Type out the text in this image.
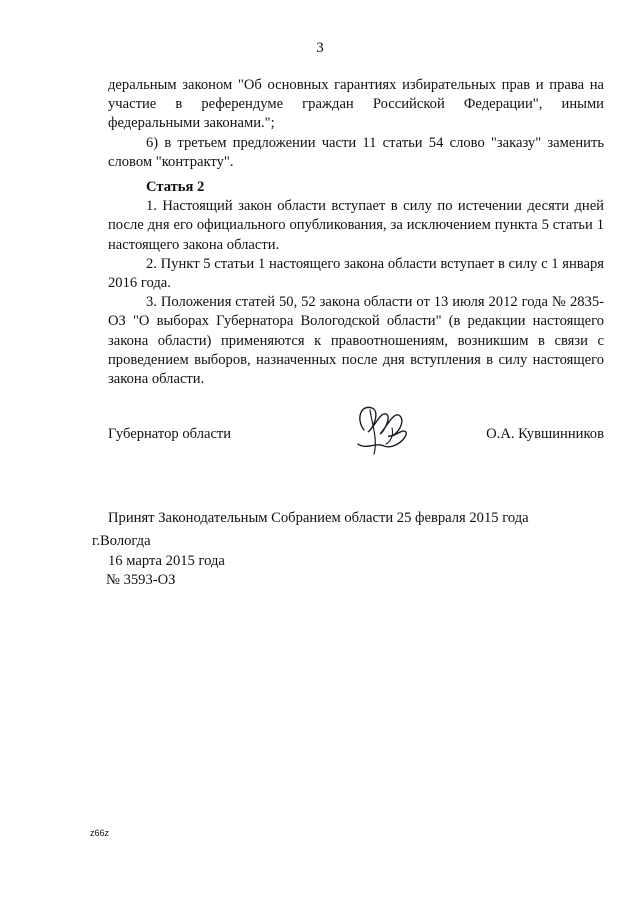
3

деральным законом "Об основных гарантиях избирательных прав и права на участие в референдуме граждан Российской Федерации", иными федеральными законами.";

6) в третьем предложении части 11 статьи 54 слово "заказу" заменить словом "контракту".

Статья 2

1. Настоящий закон области вступает в силу по истечении десяти дней после дня его официального опубликования, за исключением пункта 5 статьи 1 настоящего закона области.

2. Пункт 5 статьи 1 настоящего закона области вступает в силу с 1 января 2016 года.

3. Положения статей 50, 52 закона области от 13 июля 2012 года № 2835-ОЗ "О выборах Губернатора Вологодской области" (в редакции настоящего закона области) применяются к правоотношениям, возникшим в связи с проведением выборов, назначенных после дня вступления в силу настоящего закона области.

Губернатор области	О.А. Кувшинников
Принят Законодательным Собранием области 25 февраля 2015 года
г.Вологда
16 марта 2015 года
№ 3593-ОЗ
z66z
